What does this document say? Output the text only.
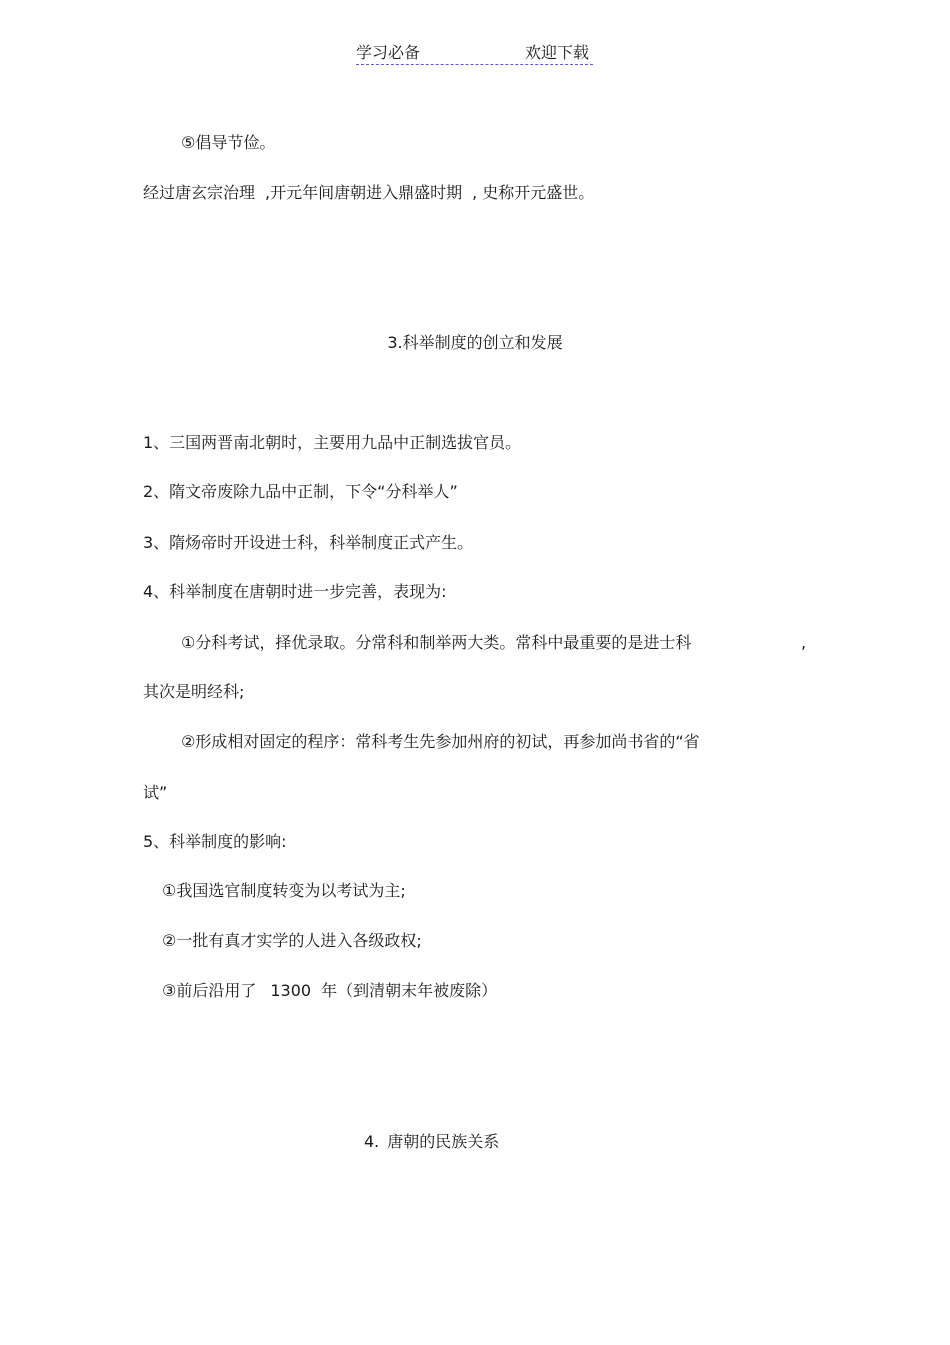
学习必备	欢迎下载
⑤倡导节俭。
经过唐玄宗治理 ,开元年间唐朝进入鼎盛时期 , 史称开元盛世。
3.科举制度的创立和发展
1、三国两晋南北朝时，主要用九品中正制选拔官员。
2、隋文帝废除九品中正制，下令“分科举人”
3、隋炀帝时开设进士科，科举制度正式产生。
4、科举制度在唐朝时进一步完善，表现为:
①分科考试，择优录取。分常科和制举两大类。常科中最重要的是进士科	,
其次是明经科;
②形成相对固定的程序：常科考生先参加州府的初试，再参加尚书省的“省
试”
5、科举制度的影响:
①我国选官制度转变为以考试为主;
②一批有真才实学的人进入各级政权;
③前后沿用了 1300 年（到清朝末年被废除）
4. 唐朝的民族关系
